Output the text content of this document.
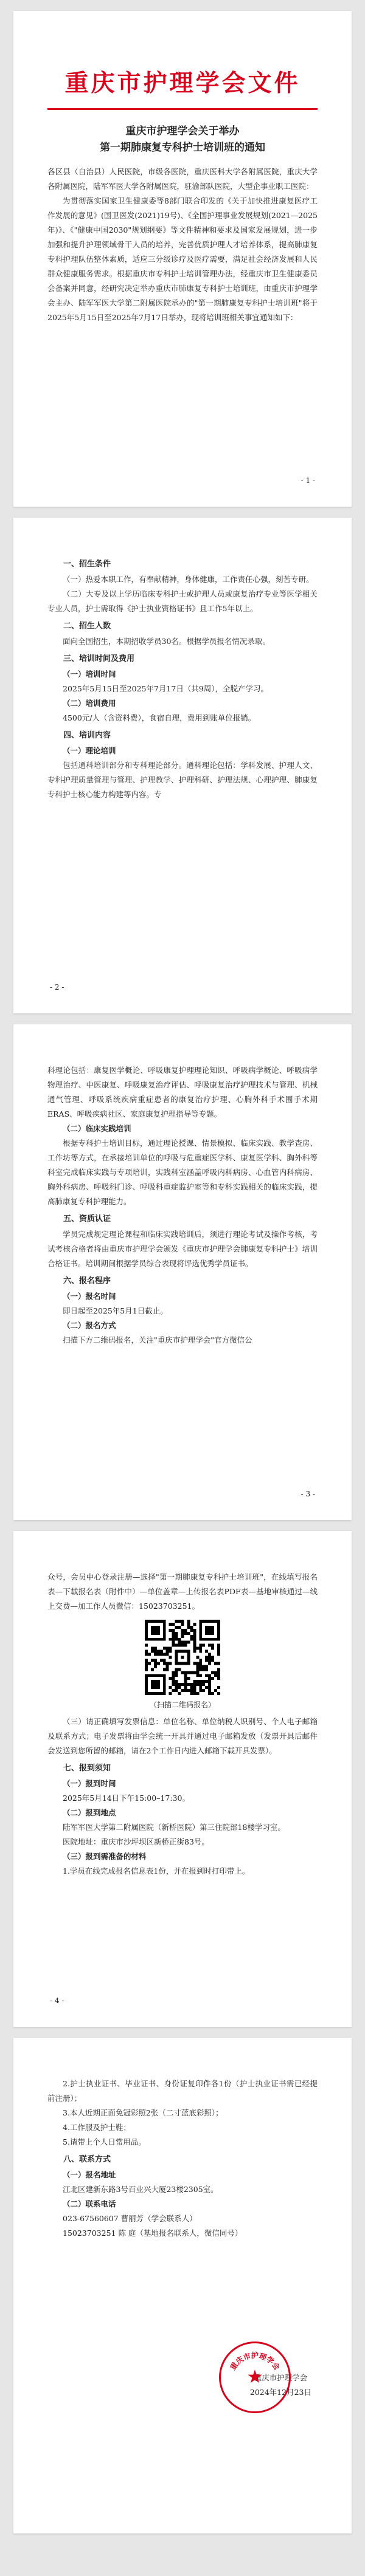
重庆市护理学会文件
重庆市护理学会关于举办
第一期肺康复专科护士培训班的通知

各区县（自治县）人民医院，市级各医院，重庆医科大学各附属医院，重庆大学各附属医院，陆军军医大学各附属医院，驻渝部队医院，大型企事业职工医院：

为贯彻落实国家卫生健康委等8部门联合印发的《关于加快推进康复医疗工作发展的意见》(国卫医发(2021)19号)、《全国护理事业发展规划(2021—2025年)》、《"健康中国2030"规划纲要》等文件精神和要求及国家发展规划，进一步加强和提升护理领域骨干人员的培养，完善优质护理人才培养体系，提高肺康复专科护理队伍整体素质，适应三分级诊疗及医疗需要，满足社会经济发展和人民群众健康服务需求。根据重庆市专科护士培训管理办法，经重庆市卫生健康委员会备案并同意，经研究决定举办重庆市肺康复专科护士培训班，由重庆市护理学会主办、陆军军医大学第二附属医院承办的"第一期肺康复专科护士培训班"将于2025年5月15日至2025年7月17日举办，现将培训班相关事宜通知如下：

- 1 -

一、招生条件

（一）热爱本职工作，有奉献精神，身体健康，工作责任心强，刻苦专研。

（二）大专及以上学历临床专科护士或护理人员或康复治疗专业等医学相关专业人员，护士需取得《护士执业资格证书》且工作5年以上。

二、招生人数

面向全国招生，本期招收学员30名。根据学员报名情况录取。

三、培训时间及费用

（一）培训时间

2025年5月15日至2025年7月17日（共9周），全脱产学习。

（二）培训费用

4500元/人（含资料费），食宿自理，费用到账单位报销。

四、培训内容

（一）理论培训

包括通科培训部分和专科理论部分。通科理论包括：学科发展、护理人文、专科护理质量管理与管理、护理教学、护理科研、护理法规、心理护理、肺康复专科护士核心能力构建等内容。专

- 2 -

科理论包括：康复医学概论、呼吸康复护理理论知识、呼吸病学概论、呼吸病学物理治疗、中医康复、呼吸康复治疗评估、呼吸康复治疗护理技术与管理、机械通气管理、呼吸系统疾病重症患者的康复治疗护理、心胸外科手术围手术期ERAS、呼吸疾病社区、家庭康复护理指导等专题。

（二）临床实践培训

根据专科护士培训目标，通过理论授课、情景模拟、临床实践、教学查房、工作坊等方式，在承接培训单位的呼吸与危重症医学科、康复医学科、胸外科等科室完成临床实践与专项培训，实践科室涵盖呼吸内科病房、心血管内科病房、胸外科病房、呼吸科门诊、呼吸科重症监护室等和专科实践相关的临床实践，提高肺康复专科护理能力。

五、资质认证

学员完成规定理论课程和临床实践培训后，须进行理论考试及操作考核，考试考核合格者将由重庆市护理学会颁发《重庆市护理学会肺康复专科护士》培训合格证书。培训期间根据学员综合表现将评选优秀学员证书。

六、报名程序

（一）报名时间

即日起至2025年5月1日截止。

（二）报名方式

扫描下方二维码报名，关注"重庆市护理学会"官方微信公

- 3 -

众号，会员中心登录注册—选择"第一期肺康复专科护士培训班"，在线填写报名表—下载报名表（附件中）—单位盖章—上传报名表PDF表—基地审核通过—线上交费—加工作人员微信：15023703251。

（扫描二维码报名）

（三）请正确填写发票信息：单位名称、单位纳税人识别号、个人电子邮箱及联系方式；电子发票将由学会统一开具并通过电子邮箱发放（发票开具后邮件会发送到您所留的邮箱，请在2个工作日内进入邮箱下载开具发票）。

七、报到须知

（一）报到时间

2025年5月14日下午15:00–17:30。

（二）报到地点

陆军军医大学第二附属医院（新桥医院）第三住院部18楼学习室。

医院地址：重庆市沙坪坝区新桥正街83号。

（三）报到需准备的材料

1.学员在线完成报名信息表1份，并在报到时打印带上。

- 4 -

2.护士执业证书、毕业证书、身份证复印件各1份（护士执业证书需已经提前注册）；

3.本人近期正面免冠彩照2张（二寸蓝底彩照）；

4.工作服及护士鞋；

5.请带上个人日常用品。

八、联系方式

（一）报名地址

江北区建新东路3号百业兴大厦23楼2305室。

（二）联系电话

023-67560607 曹丽芳（学会联系人）

15023703251 陈 庭（基地报名联系人，微信同号）

重庆市护理学会
2024年12月23日
重庆市护理学会
★
